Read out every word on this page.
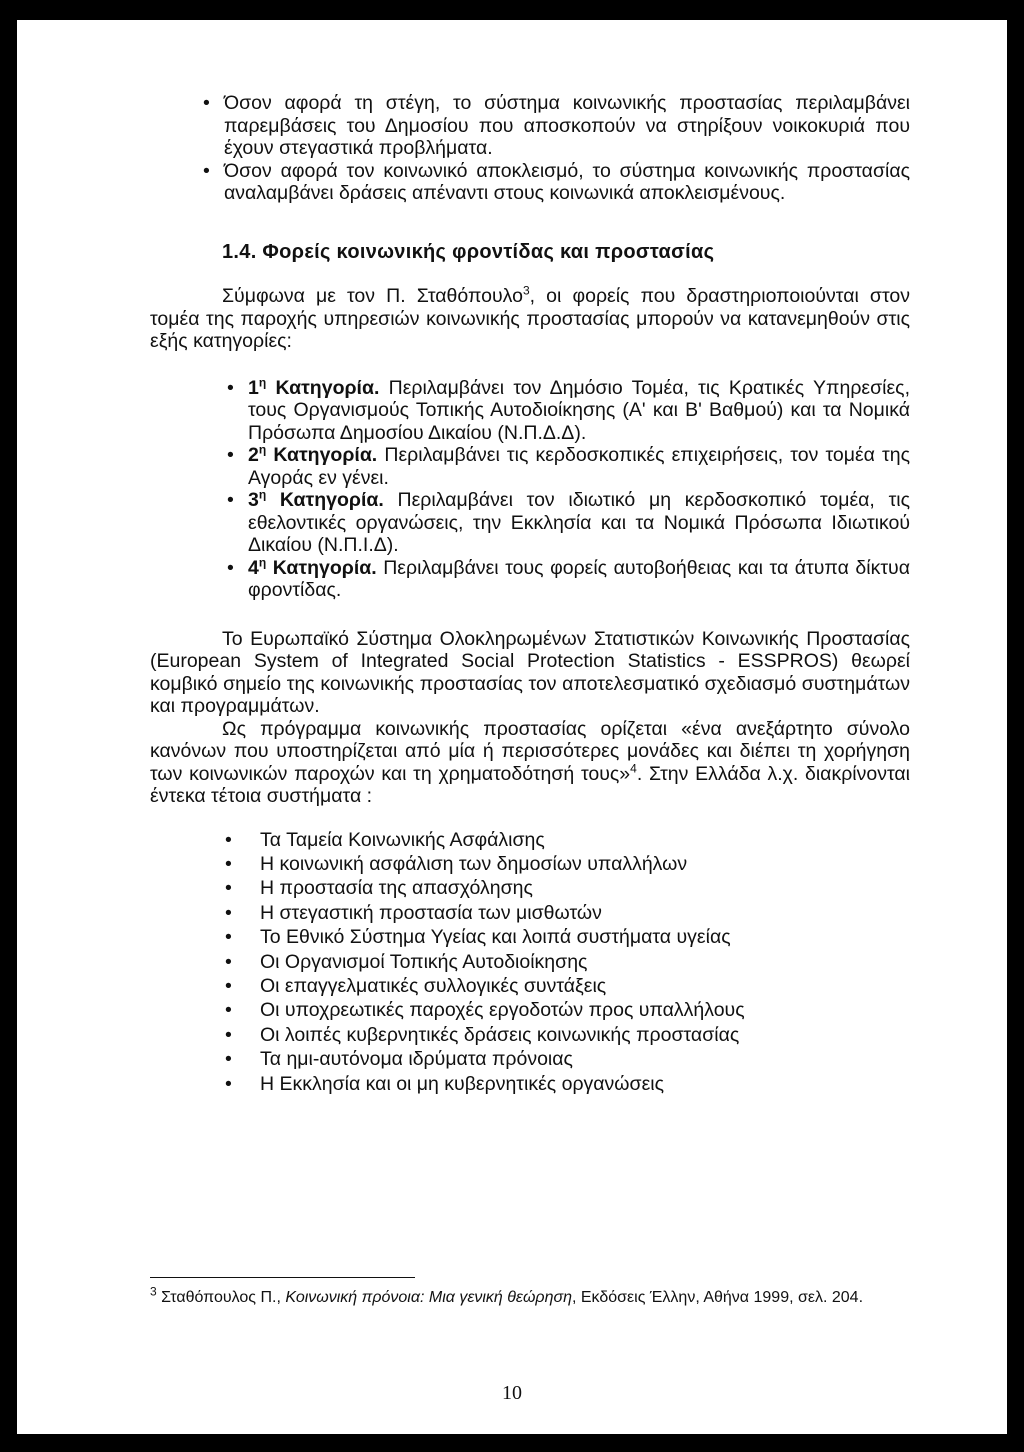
• Όσον αφορά τη στέγη, το σύστημα κοινωνικής προστασίας περιλαμβάνει παρεμβάσεις του Δημοσίου που αποσκοπούν να στηρίξουν νοικοκυριά που έχουν στεγαστικά προβλήματα.
• Όσον αφορά τον κοινωνικό αποκλεισμό, το σύστημα κοινωνικής προστασίας αναλαμβάνει δράσεις απέναντι στους κοινωνικά αποκλεισμένους.
1.4. Φορείς κοινωνικής φροντίδας και προστασίας

Σύμφωνα με τον Π. Σταθόπουλο$^3$, οι φορείς που δραστηριοποιούνται στον τομέα της παροχής υπηρεσιών κοινωνικής προστασίας μπορούν να κατανεμηθούν στις εξής κατηγορίες:

• $1^\eta$ Κατηγορία. Περιλαμβάνει τον Δημόσιο Τομέα, τις Κρατικές Υπηρεσίες, τους Οργανισμούς Τοπικής Αυτοδιοίκησης (Α' και Β' Βαθμού) και τα Νομικά Πρόσωπα Δημοσίου Δικαίου (Ν.Π.Δ.Δ).
• $2^\eta$ Κατηγορία. Περιλαμβάνει τις κερδοσκοπικές επιχειρήσεις, τον τομέα της Αγοράς εν γένει.
• $3^\eta$ Κατηγορία. Περιλαμβάνει τον ιδιωτικό μη κερδοσκοπικό τομέα, τις εθελοντικές οργανώσεις, την Εκκλησία και τα Νομικά Πρόσωπα Ιδιωτικού Δικαίου (Ν.Π.Ι.Δ).
• $4^\eta$ Κατηγορία. Περιλαμβάνει τους φορείς αυτοβοήθειας και τα άτυπα δίκτυα φροντίδας.

Το Ευρωπαϊκό Σύστημα Ολοκληρωμένων Στατιστικών Κοινωνικής Προστασίας (European System of Integrated Social Protection Statistics - ESSPROS) θεωρεί κομβικό σημείο της κοινωνικής προστασίας τον αποτελεσματικό σχεδιασμό συστημάτων και προγραμμάτων.

Ως πρόγραμμα κοινωνικής προστασίας ορίζεται «ένα ανεξάρτητο σύνολο κανόνων που υποστηρίζεται από μία ή περισσότερες μονάδες και διέπει τη χορήγηση των κοινωνικών παροχών και τη χρηματοδότησή τους»$^4$. Στην Ελλάδα λ.χ. διακρίνονται έντεκα τέτοια συστήματα :

• Τα Ταμεία Κοινωνικής Ασφάλισης
• Η κοινωνική ασφάλιση των δημοσίων υπαλλήλων
• Η προστασία της απασχόλησης
• Η στεγαστική προστασία των μισθωτών
• Το Εθνικό Σύστημα Υγείας και λοιπά συστήματα υγείας
• Οι Οργανισμοί Τοπικής Αυτοδιοίκησης
• Οι επαγγελματικές συλλογικές συντάξεις
• Οι υποχρεωτικές παροχές εργοδοτών προς υπαλλήλους
• Οι λοιπές κυβερνητικές δράσεις κοινωνικής προστασίας
• Τα ημι-αυτόνομα ιδρύματα πρόνοιας
• Η Εκκλησία και οι μη κυβερνητικές οργανώσεις
$^3$ Σταθόπουλος Π., Κοινωνική πρόνοια: Μια γενική θεώρηση, Εκδόσεις Έλλην, Αθήνα 1999, σελ. 204.
10
